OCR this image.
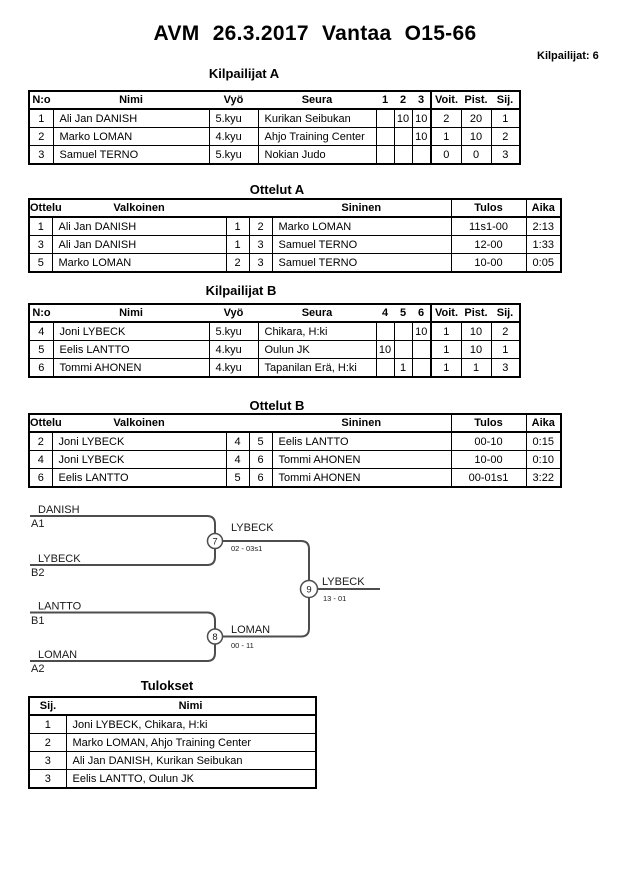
AVM 26.3.2017 Vantaa O15-66
Kilpailijat: 6
Kilpailijat A
N:o	Nimi	Vyö	Seura	1	2	3	Voit.	Pist.	Sij.
1	Ali Jan DANISH	5.kyu	Kurikan Seibukan		10	10	2	20	1
2	Marko LOMAN	4.kyu	Ahjo Training Center			10	1	10	2
3	Samuel TERNO	5.kyu	Nokian Judo				0	0	3
Ottelut A
Ottelu	Valkoinen			Sininen	Tulos	Aika
1	Ali Jan DANISH	1	2	Marko LOMAN	11s1-00	2:13
3	Ali Jan DANISH	1	3	Samuel TERNO	12-00	1:33
5	Marko LOMAN	2	3	Samuel TERNO	10-00	0:05
Kilpailijat B
N:o	Nimi	Vyö	Seura	4	5	6	Voit.	Pist.	Sij.
4	Joni LYBECK	5.kyu	Chikara, H:ki			10	1	10	2
5	Eelis LANTTO	4.kyu	Oulun JK	10			1	10	1
6	Tommi AHONEN	4.kyu	Tapanilan Erä, H:ki		1		1	1	3
Ottelut B
Ottelu	Valkoinen			Sininen	Tulos	Aika
2	Joni LYBECK	4	5	Eelis LANTTO	00-10	0:15
4	Joni LYBECK	4	6	Tommi AHONEN	10-00	0:10
6	Eelis LANTTO	5	6	Tommi AHONEN	00-01s1	3:22
7
8
9
DANISH
A1
LYBECK
B2
LANTTO
B1
LOMAN
A2
LYBECK
02 - 03s1
LOMAN
00 - 11
LYBECK
13 - 01
Tulokset
Sij.	Nimi
1	Joni LYBECK, Chikara, H:ki
2	Marko LOMAN, Ahjo Training Center
3	Ali Jan DANISH, Kurikan Seibukan
3	Eelis LANTTO, Oulun JK
